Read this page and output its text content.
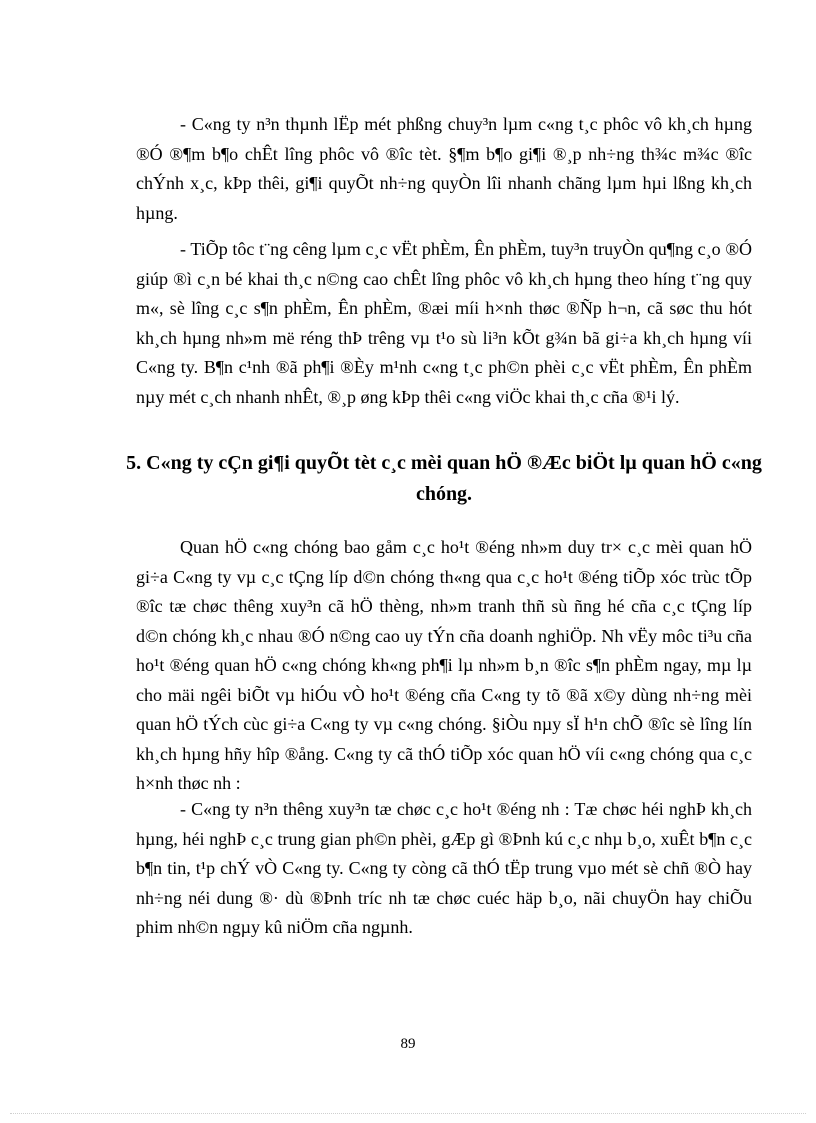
- C«ng ty n³n thµnh lËp mét phßng chuy³n lµm c«ng t¸c phôc vô kh¸ch hµng ®Ó ®¶m b¶o chÊt lîng phôc vô ®îc tèt. §¶m b¶o gi¶i ®¸p nh÷ng th¾c m¾c ®îc chÝnh x¸c, kÞp thêi, gi¶i quyÕt nh÷ng quyÒn lîi nhanh chãng lµm hµi lßng kh¸ch hµng.

- TiÕp tôc t¨ng cêng lµm c¸c vËt phÈm, Ên phÈm, tuy³n truyÒn qu¶ng c¸o ®Ó giúp ®ì c¸n bé khai th¸c n©ng cao chÊt lîng phôc vô kh¸ch hµng theo híng t¨ng quy m«, sè lîng c¸c s¶n phÈm, Ên phÈm, ®æi míi h×nh thøc ®Ñp h¬n, cã søc thu hót kh¸ch hµng nh»m më réng thÞ trêng vµ t¹o sù li³n kÕt g¾n bã gi÷a kh¸ch hµng víi C«ng ty. B¶n c¹nh ®ã ph¶i ®Èy m¹nh c«ng t¸c ph©n phèi c¸c vËt phÈm, Ên phÈm nµy mét c¸ch nhanh nhÊt, ®¸p øng kÞp thêi c«ng viÖc khai th¸c cña ®¹i lý.

5. C«ng ty cÇn gi¶i quyÕt tèt c¸c mèi quan hÖ ®Æc biÖt lµ quan hÖ c«ng chóng.

Quan hÖ c«ng chóng bao gåm c¸c ho¹t ®éng nh»m duy tr× c¸c mèi quan hÖ gi÷a C«ng ty vµ c¸c tÇng líp d©n chóng th«ng qua c¸c ho¹t ®éng tiÕp xóc trùc tÕp ®îc tæ chøc thêng xuy³n cã hÖ thèng, nh»m tranh thñ sù ñng hé cña c¸c tÇng líp d©n chóng kh¸c nhau ®Ó n©ng cao uy tÝn cña doanh nghiÖp. Nh vËy môc ti³u cña ho¹t ®éng quan hÖ c«ng chóng kh«ng ph¶i lµ nh»m b¸n ®îc s¶n phÈm ngay, mµ lµ cho mäi ngêi biÕt vµ hiÓu vÒ ho¹t ®éng cña C«ng ty tõ ®ã x©y dùng nh÷ng mèi quan hÖ tÝch cùc gi÷a C«ng ty vµ c«ng chóng. §iÒu nµy sÏ h¹n chÕ ®îc sè lîng lín kh¸ch hµng hñy hîp ®ång. C«ng ty cã thÓ tiÕp xóc quan hÖ víi c«ng chóng qua c¸c h×nh thøc nh :

- C«ng ty n³n thêng xuy³n tæ chøc c¸c ho¹t ®éng nh : Tæ chøc héi nghÞ kh¸ch hµng, héi nghÞ c¸c trung gian ph©n phèi, gÆp gì ®Þnh kú c¸c nhµ b¸o, xuÊt b¶n c¸c b¶n tin, t¹p chÝ vÒ C«ng ty. C«ng ty còng cã thÓ tËp trung vµo mét sè chñ ®Ò hay nh÷ng néi dung ®· dù ®Þnh tríc nh tæ chøc cuéc häp b¸o, nãi chuyÖn hay chiÕu phim nh©n ngµy kû niÖm cña ngµnh.

89
